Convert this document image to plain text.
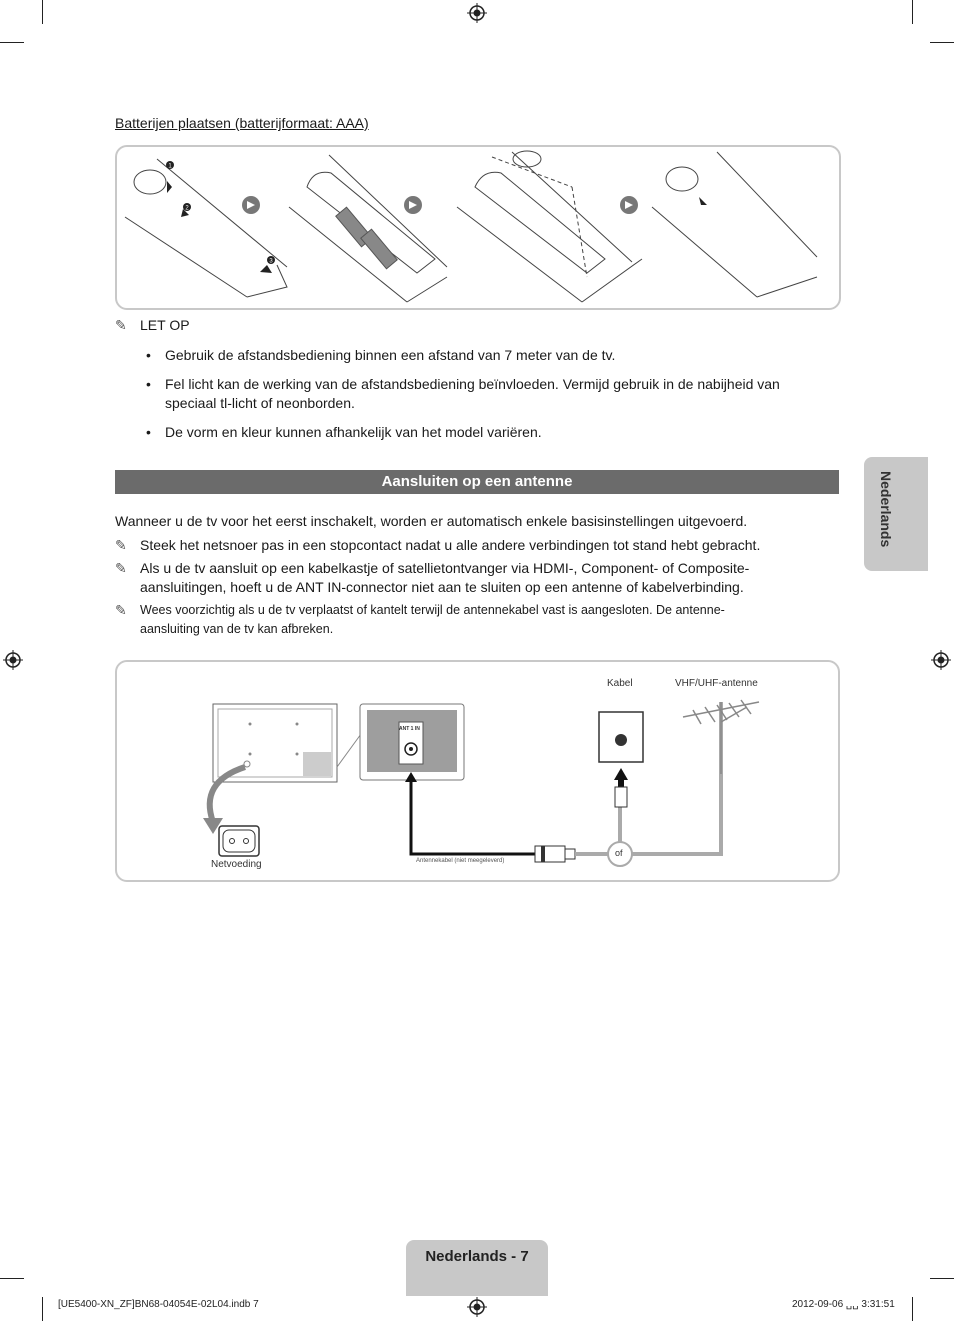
Batterijen plaatsen (batterijformaat: AAA)
1
2
3
✎ LET OP
• Gebruik de afstandsbediening binnen een afstand van 7 meter van de tv.
• Fel licht kan de werking van de afstandsbediening beïnvloeden. Vermijd gebruik in de nabijheid van
speciaal tl-licht of neonborden.
• De vorm en kleur kunnen afhankelijk van het model variëren.
Aansluiten op een antenne	Nederlands
Wanneer u de tv voor het eerst inschakelt, worden er automatisch enkele basisinstellingen uitgevoerd.
✎ Steek het netsnoer pas in een stopcontact nadat u alle andere verbindingen tot stand hebt gebracht.
✎ Als u de tv aansluit op een kabelkastje of satellietontvanger via HDMI-, Component- of Composite-
aansluitingen, hoeft u de ANT IN-connector niet aan te sluiten op een antenne of kabelverbinding.
✎ Wees voorzichtig als u de tv verplaatst of kantelt terwijl de antennekabel vast is aangesloten. De antenne-
aansluiting van de tv kan afbreken.
ANT 1 IN
Kabel	VHF/UHF-antenne
Netvoeding	Antennekabel (niet meegeleverd)
of
Nederlands - 7
[UE5400-XN_ZF]BN68-04054E-02L04.indb 7	2012-09-06 ␣␣ 3:31:51
